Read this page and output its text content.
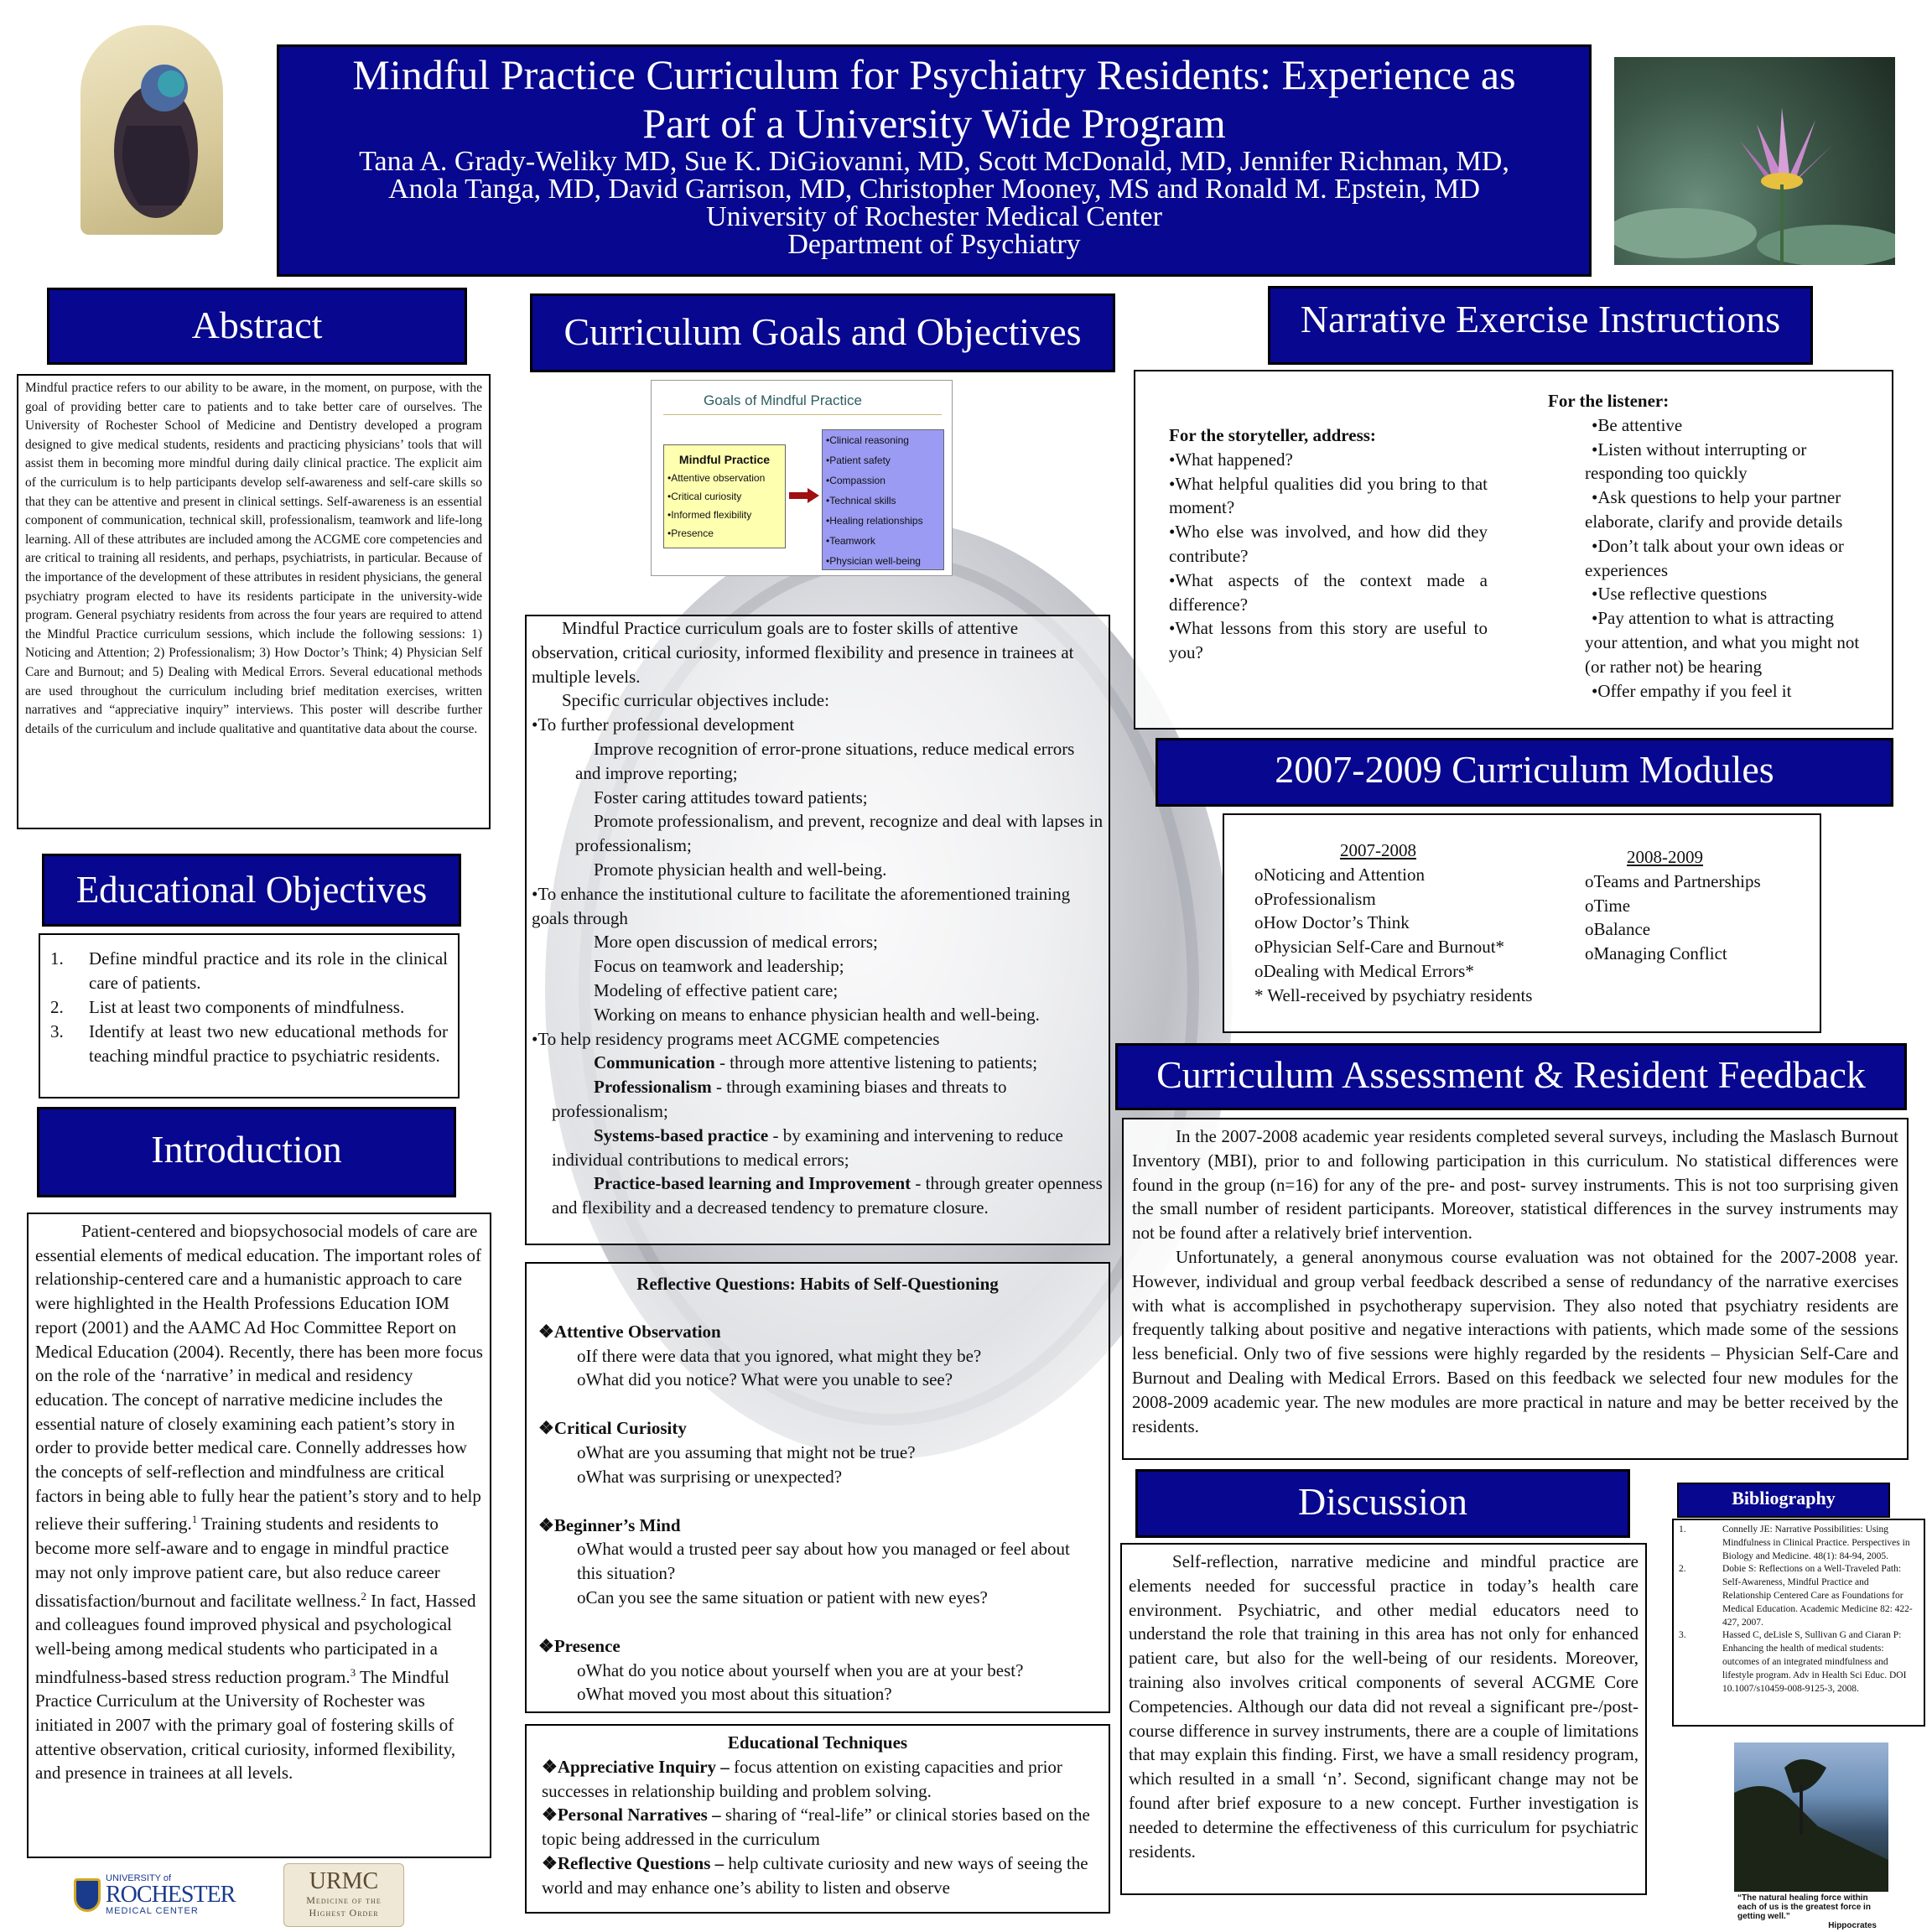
Mindful Practice Curriculum for Psychiatry Residents: Experience as
Part of a University Wide Program
Tana A. Grady-Weliky MD, Sue K. DiGiovanni, MD, Scott McDonald, MD, Jennifer Richman, MD,
Anola Tanga, MD, David Garrison, MD, Christopher Mooney, MS and Ronald M. Epstein, MD
University of Rochester Medical Center
Department of Psychiatry
Abstract

Mindful practice refers to our ability to be aware, in the moment, on purpose, with the goal of providing better care to patients and to take better care of ourselves. The University of Rochester School of Medicine and Dentistry developed a program designed to give medical students, residents and practicing physicians’ tools that will assist them in becoming more mindful during daily clinical practice. The explicit aim of the curriculum is to help participants develop self-awareness and self-care skills so that they can be attentive and present in clinical settings. Self-awareness is an essential component of communication, technical skill, professionalism, teamwork and life-long learning. All of these attributes are included among the ACGME core competencies and are critical to training all residents, and perhaps, psychiatrists, in particular. Because of the importance of the development of these attributes in resident physicians, the general psychiatry program elected to have its residents participate in the university-wide program. General psychiatry residents from across the four years are required to attend the Mindful Practice curriculum sessions, which include the following sessions: 1) Noticing and Attention; 2) Professionalism; 3) How Doctor’s Think; 4) Physician Self Care and Burnout; and 5) Dealing with Medical Errors. Several educational methods are used throughout the curriculum including brief meditation exercises, written narratives and “appreciative inquiry” interviews. This poster will describe further details of the curriculum and include qualitative and quantitative data about the course.

Educational Objectives
1.	Define mindful practice and its role in the clinical care of patients.
2.	List at least two components of mindfulness.
3.	Identify at least two new educational methods for teaching mindful practice to psychiatric residents.
Introduction

Patient-centered and biopsychosocial models of care are essential elements of medical education. The important roles of relationship-centered care and a humanistic approach to care were highlighted in the Health Professions Education IOM report (2001) and the AAMC Ad Hoc Committee Report on Medical Education (2004). Recently, there has been more focus on the role of the ‘narrative’ in medical and residency education. The concept of narrative medicine includes the essential nature of closely examining each patient’s story in order to provide better medical care. Connelly addresses how the concepts of self-reflection and mindfulness are critical factors in being able to fully hear the patient’s story and to help relieve their suffering.$^1$ Training students and residents to become more self-aware and to engage in mindful practice may not only improve patient care, but also reduce career dissatisfaction/burnout and facilitate wellness.$^2$ In fact, Hassed and colleagues found improved physical and psychological well-being among medical students who participated in a mindfulness-based stress reduction program.$^3$ The Mindful Practice Curriculum at the University of Rochester was initiated in 2007 with the primary goal of fostering skills of attentive observation, critical curiosity, informed flexibility, and presence in trainees at all levels.

UNIVERSITY of
ROCHESTER
MEDICAL CENTER
URMC
Medicine of the
Highest Order
Curriculum Goals and Objectives
Goals of Mindful Practice
Mindful Practice
•Attentive observation
•Critical curiosity
•Informed flexibility
•Presence
•Clinical reasoning
•Patient safety
•Compassion
•Technical skills
•Healing relationships
•Teamwork
•Physician well-being

Mindful Practice curriculum goals are to foster skills of attentive observation, critical curiosity, informed flexibility and presence in trainees at multiple levels.

Specific curricular objectives include:

•To further professional development

Improve recognition of error-prone situations, reduce medical errors and improve reporting;

Foster caring attitudes toward patients;

Promote professionalism, and prevent, recognize and deal with lapses in professionalism;

Promote physician health and well-being.

•To enhance the institutional culture to facilitate the aforementioned training goals through

More open discussion of medical errors;

Focus on teamwork and leadership;

Modeling of effective patient care;

Working on means to enhance physician health and well-being.

•To help residency programs meet ACGME competencies

Communication - through more attentive listening to patients;

Professionalism - through examining biases and threats to professionalism;

Systems-based practice - by examining and intervening to reduce individual contributions to medical errors;

Practice-based learning and Improvement - through greater openness and flexibility and a decreased tendency to premature closure.

Reflective Questions: Habits of Self-Questioning

❖Attentive Observation

oIf there were data that you ignored, what might they be?

oWhat did you notice? What were you unable to see?

❖Critical Curiosity

oWhat are you assuming that might not be true?

oWhat was surprising or unexpected?

❖Beginner’s Mind

oWhat would a trusted peer say about how you managed or feel about this situation?

oCan you see the same situation or patient with new eyes?

❖Presence

oWhat do you notice about yourself when you are at your best?

oWhat moved you most about this situation?

Educational Techniques

❖Appreciative Inquiry – focus attention on existing capacities and prior successes in relationship building and problem solving.

❖Personal Narratives – sharing of “real-life” or clinical stories based on the topic being addressed in the curriculum

❖Reflective Questions – help cultivate curiosity and new ways of seeing the world and may enhance one’s ability to listen and observe

Narrative Exercise Instructions

For the storyteller, address:

•What happened?

•What helpful qualities did you bring to that moment?

•Who else was involved, and how did they contribute?

•What aspects of the context made a difference?

•What lessons from this story are useful to you?

For the listener:

•Be attentive

•Listen without interrupting or responding too quickly

•Ask questions to help your partner elaborate, clarify and provide details

•Don’t talk about your own ideas or experiences

•Use reflective questions

•Pay attention to what is attracting your attention, and what you might not (or rather not) be hearing

•Offer empathy if you feel it

2007-2009 Curriculum Modules

2007-2008

oNoticing and Attention

oProfessionalism

oHow Doctor’s Think

oPhysician Self-Care and Burnout*

oDealing with Medical Errors*

* Well-received by psychiatry residents

2008-2009

oTeams and Partnerships

oTime

oBalance

oManaging Conflict

Curriculum Assessment & Resident Feedback

In the 2007-2008 academic year residents completed several surveys, including the Maslasch Burnout Inventory (MBI), prior to and following participation in this curriculum. No statistical differences were found in the group (n=16) for any of the pre- and post- survey instruments. This is not too surprising given the small number of resident participants. Moreover, statistical differences in the survey instruments may not be found after a relatively brief intervention.

Unfortunately, a general anonymous course evaluation was not obtained for the 2007-2008 year. However, individual and group verbal feedback described a sense of redundancy of the narrative exercises with what is accomplished in psychotherapy supervision. They also noted that psychiatry residents are frequently talking about positive and negative interactions with patients, which made some of the sessions less beneficial. Only two of five sessions were highly regarded by the residents – Physician Self-Care and Burnout and Dealing with Medical Errors. Based on this feedback we selected four new modules for the 2008-2009 academic year. The new modules are more practical in nature and may be better received by the residents.

Discussion

Self-reflection, narrative medicine and mindful practice are elements needed for successful practice in today’s health care environment. Psychiatric, and other medial educators need to understand the role that training in this area has not only for enhanced patient care, but also for the well-being of our residents. Moreover, training also involves critical components of several ACGME Core Competencies. Although our data did not reveal a significant pre-/post- course difference in survey instruments, there are a couple of limitations that may explain this finding. First, we have a small residency program, which resulted in a small ‘n’. Second, significant change may not be found after brief exposure to a new concept. Further investigation is needed to determine the effectiveness of this curriculum for psychiatric residents.

Bibliography
1.	Connelly JE: Narrative Possibilities: Using Mindfulness in Clinical Practice. Perspectives in Biology and Medicine. 48(1): 84-94, 2005.
2.	Dobie S: Reflections on a Well-Traveled Path: Self-Awareness, Mindful Practice and Relationship Centered Care as Foundations for Medical Education. Academic Medicine 82: 422-427, 2007.
3.	Hassed C, deLisle S, Sullivan G and Ciaran P: Enhancing the health of medical students: outcomes of an integrated mindfulness and lifestyle program. Adv in Health Sci Educ. DOI 10.1007/s10459-008-9125-3, 2008.
“The natural healing force within each of us is the greatest force in getting well.”
Hippocrates
